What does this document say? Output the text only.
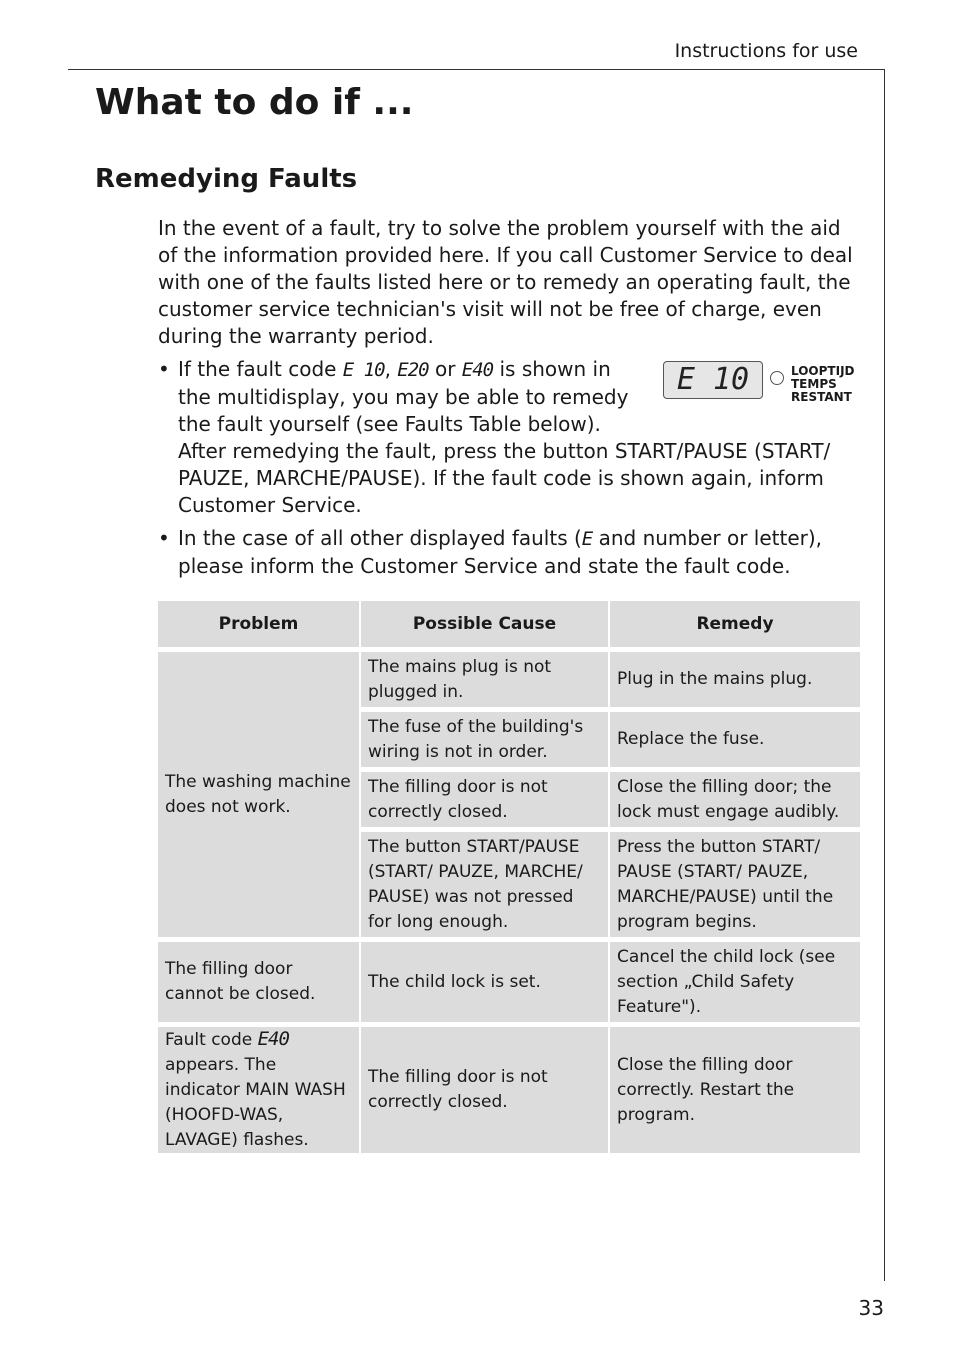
Instructions for use
What to do if ...
Remedying Faults

In the event of a fault, try to solve the problem yourself with the aid of the information provided here. If you call Customer Service to deal with one of the faults listed here or to remedy an operating fault, the customer service technician's visit will not be free of charge, even during the warranty period.

• If the fault code E 10, E20 or E40 is shown in the multidisplay, you may be able to remedy the fault yourself (see Faults Table below).
After remedying the fault, press the button START/PAUSE (START/ PAUZE, MARCHE/PAUSE). If the fault code is shown again, inform Customer Service.
• In the case of all other displayed faults (E and number or letter), please inform the Customer Service and state the fault code.
E 10	LOOPTIJD
TEMPS
RESTANT
Problem	Possible Cause	Remedy
The washing machine does not work.	The mains plug is not plugged in.	Plug in the mains plug.
	The fuse of the building's wiring is not in order.	Replace the fuse.
	The filling door is not correctly closed.	Close the filling door; the lock must engage audibly.
	The button START/PAUSE (START/ PAUZE, MARCHE/ PAUSE) was not pressed for long enough.	Press the button START/ PAUSE (START/ PAUZE, MARCHE/PAUSE) until the program begins.
The filling door cannot be closed.	The child lock is set.	Cancel the child lock (see section „Child Safety Feature").
Fault code E40 appears. The indicator MAIN WASH (HOOFD-WAS, LAVAGE) flashes.	The filling door is not correctly closed.	Close the filling door correctly. Restart the program.
33
